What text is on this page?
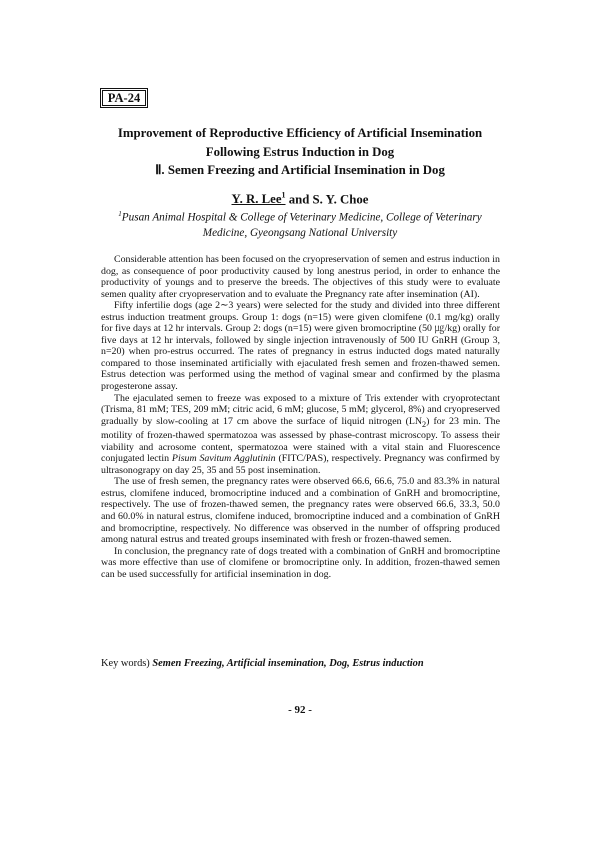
PA-24
Improvement of Reproductive Efficiency of Artificial Insemination
Following Estrus Induction in Dog
Ⅱ. Semen Freezing and Artificial Insemination in Dog
Y. R. Lee$^1$ and S. Y. Choe
$^1$Pusan Animal Hospital & College of Veterinary Medicine, College of Veterinary
Medicine, Gyeongsang National University

Considerable attention has been focused on the cryopreservation of semen and estrus induction in dog, as consequence of poor productivity caused by long anestrus period, in order to enhance the productivity of youngs and to preserve the breeds. The objectives of this study were to evaluate semen quality after cryopreservation and to evaluate the Pregnancy rate after insemination (AI).

Fifty infertilie dogs (age 2∼3 years) were selected for the study and divided into three different estrus induction treatment groups. Group 1: dogs (n=15) were given clomifene (0.1 mg/kg) orally for five days at 12 hr intervals. Group 2: dogs (n=15) were given bromocriptine (50 ㎍/kg) orally for five days at 12 hr intervals, followed by single injection intravenously of 500 IU GnRH (Group 3, n=20) when pro-estrus occurred. The rates of pregnancy in estrus inducted dogs mated naturally compared to those inseminated artificially with ejaculated fresh semen and frozen-thawed semen. Estrus detection was performed using the method of vaginal smear and confirmed by the plasma progesterone assay.

The ejaculated semen to freeze was exposed to a mixture of Tris extender with cryoprotectant (Trisma, 81 mM; TES, 209 mM; citric acid, 6 mM; glucose, 5 mM; glycerol, 8%) and cryopreserved gradually by slow-cooling at 17 cm above the surface of liquid nitrogen $(LN_2)$ for 23 min. The motility of frozen-thawed spermatozoa was assessed by phase-contrast microscopy. To assess their viability and acrosome content, spermatozoa were stained with a vital stain and Fluorescence conjugated lectin Pisum Savitum Agglutinin (FITC/PAS), respectively. Pregnancy was confirmed by ultrasonograpy on day 25, 35 and 55 post insemination.

The use of fresh semen, the pregnancy rates were observed 66.6, 66.6, 75.0 and 83.3% in natural estrus, clomifene induced, bromocriptine induced and a combination of GnRH and bromocriptine, respectively. The use of frozen-thawed semen, the pregnancy rates were observed 66.6, 33.3, 50.0 and 60.0% in natural estrus, clomifene induced, bromocriptine induced and a combination of GnRH and bromocriptine, respectively. No difference was observed in the number of offspring produced among natural estrus and treated groups inseminated with fresh or frozen-thawed semen.

In conclusion, the pregnancy rate of dogs treated with a combination of GnRH and bromocriptine was more effective than use of clomifene or bromocriptine only. In addition, frozen-thawed semen can be used successfully for artificial insemination in dog.

Key words) Semen Freezing, Artificial insemination, Dog, Estrus induction
- 92 -
